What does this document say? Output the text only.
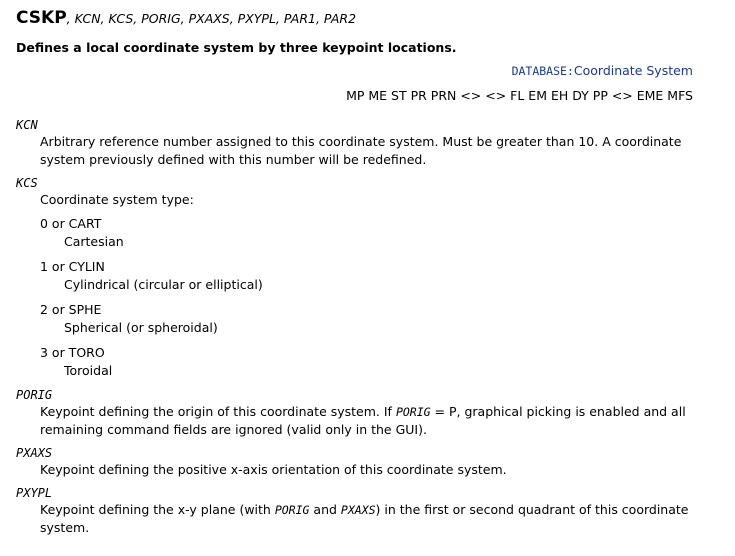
CSKP, KCN, KCS, PORIG, PXAXS, PXYPL, PAR1, PAR2
Defines a local coordinate system by three keypoint locations.
DATABASE:Coordinate System
MP ME ST PR PRN <> <> FL EM EH DY PP <> EME MFS

KCN

Arbitrary reference number assigned to this coordinate system. Must be greater than 10. A coordinate system previously defined with this number will be redefined.

KCS

Coordinate system type:

0 or CART

Cartesian

1 or CYLIN

Cylindrical (circular or elliptical)

2 or SPHE

Spherical (or spheroidal)

3 or TORO

Toroidal

PORIG

Keypoint defining the origin of this coordinate system. If PORIG = P, graphical picking is enabled and all remaining command fields are ignored (valid only in the GUI).

PXAXS

Keypoint defining the positive x-axis orientation of this coordinate system.

PXYPL

Keypoint defining the x-y plane (with PORIG and PXAXS) in the first or second quadrant of this coordinate system.
